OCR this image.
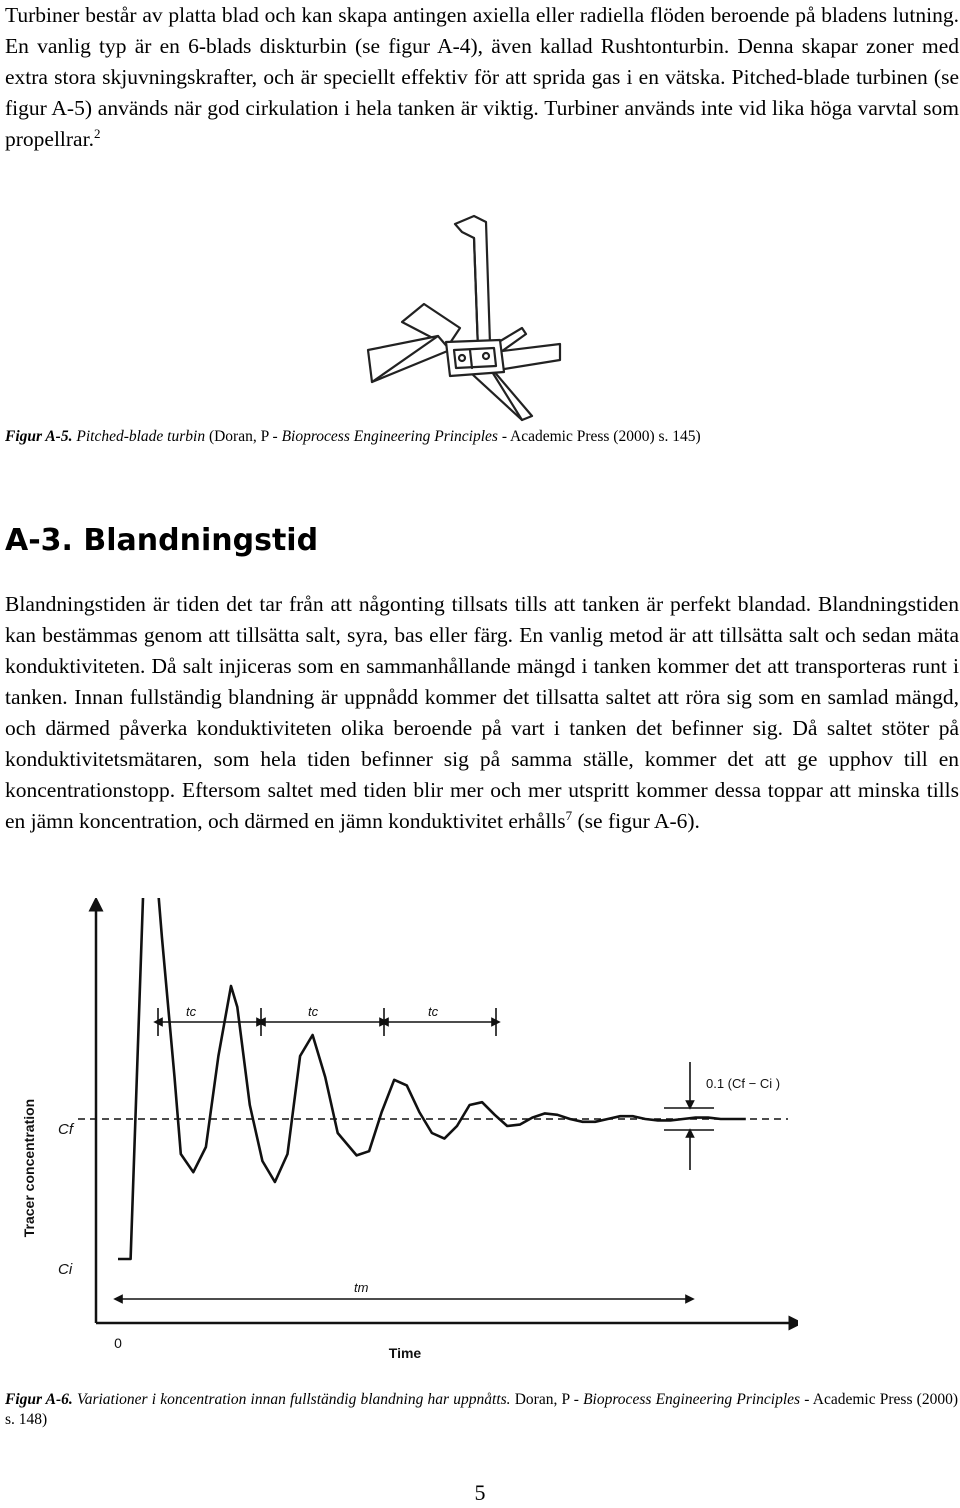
Turbiner består av platta blad och kan skapa antingen axiella eller radiella flöden beroende på bladens lutning. En vanlig typ är en 6-blads diskturbin (se figur A-4), även kallad Rushtonturbin. Denna skapar zoner med extra stora skjuvningskrafter, och är speciellt effektiv för att sprida gas i en vätska. Pitched-blade turbinen (se figur A-5) används när god cirkulation i hela tanken är viktig. Turbiner används inte vid lika höga varvtal som propellrar.$^2$

Figur A-5. Pitched-blade turbin (Doran, P - Bioprocess Engineering Principles - Academic Press (2000) s. 145)

A-3. Blandningstid

Blandningstiden är tiden det tar från att någonting tillsats tills att tanken är perfekt blandad. Blandningstiden kan bestämmas genom att tillsätta salt, syra, bas eller färg. En vanlig metod är att tillsätta salt och sedan mäta konduktiviteten. Då salt injiceras som en sammanhållande mängd i tanken kommer det att transporteras runt i tanken. Innan fullständig blandning är uppnådd kommer det tillsatta saltet att röra sig som en samlad mängd, och därmed påverka konduktiviteten olika beroende på vart i tanken det befinner sig. Då saltet stöter på konduktivitetsmätaren, som hela tiden befinner sig på samma ställe, kommer det att ge upphov till en koncentrationstopp. Eftersom saltet med tiden blir mer och mer utspritt kommer dessa toppar att minska tills en jämn koncentration, och därmed en jämn konduktivitet erhålls$^7$ (se figur A-6).

Tracer concentration
Time
0
Ci
Cf
tc	tc	tc
tm
0.1 (Cf − Ci )

Figur A-6. Variationer i koncentration innan fullständig blandning har uppnåtts. Doran, P - Bioprocess Engineering Principles - Academic Press (2000) s. 148)

5
